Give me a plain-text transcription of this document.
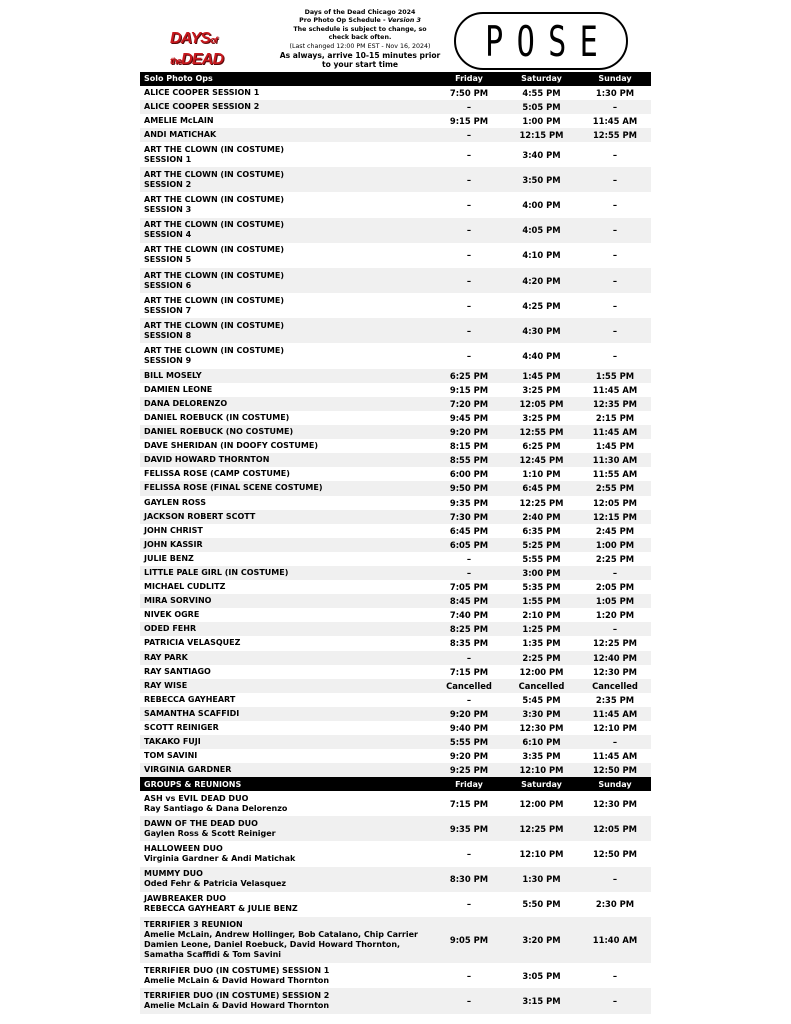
DAYSof theDEAD
Days of the Dead Chicago 2024
Pro Photo Op Schedule - Version 3
The schedule is subject to change, so
check back often.
(Last changed 12:00 PM EST - Nov 16, 2024)
As always, arrive 10-15 minutes prior
to your start time	P O S E
Solo Photo Ops	Friday	Saturday	Sunday
ALICE COOPER SESSION 1	7:50 PM	4:55 PM	1:30 PM
ALICE COOPER SESSION 2	–	5:05 PM	–
AMELIE McLAIN	9:15 PM	1:00 PM	11:45 AM
ANDI MATICHAK	–	12:15 PM	12:55 PM
ART THE CLOWN (IN COSTUME)
SESSION 1	–	3:40 PM	–
ART THE CLOWN (IN COSTUME)
SESSION 2	–	3:50 PM	–
ART THE CLOWN (IN COSTUME)
SESSION 3	–	4:00 PM	–
ART THE CLOWN (IN COSTUME)
SESSION 4	–	4:05 PM	–
ART THE CLOWN (IN COSTUME)
SESSION 5	–	4:10 PM	–
ART THE CLOWN (IN COSTUME)
SESSION 6	–	4:20 PM	–
ART THE CLOWN (IN COSTUME)
SESSION 7	–	4:25 PM	–
ART THE CLOWN (IN COSTUME)
SESSION 8	–	4:30 PM	–
ART THE CLOWN (IN COSTUME)
SESSION 9	–	4:40 PM	–
BILL MOSELY	6:25 PM	1:45 PM	1:55 PM
DAMIEN LEONE	9:15 PM	3:25 PM	11:45 AM
DANA DELORENZO	7:20 PM	12:05 PM	12:35 PM
DANIEL ROEBUCK (IN COSTUME)	9:45 PM	3:25 PM	2:15 PM
DANIEL ROEBUCK (NO COSTUME)	9:20 PM	12:55 PM	11:45 AM
DAVE SHERIDAN (IN DOOFY COSTUME)	8:15 PM	6:25 PM	1:45 PM
DAVID HOWARD THORNTON	8:55 PM	12:45 PM	11:30 AM
FELISSA ROSE (CAMP COSTUME)	6:00 PM	1:10 PM	11:55 AM
FELISSA ROSE (FINAL SCENE COSTUME)	9:50 PM	6:45 PM	2:55 PM
GAYLEN ROSS	9:35 PM	12:25 PM	12:05 PM
JACKSON ROBERT SCOTT	7:30 PM	2:40 PM	12:15 PM
JOHN CHRIST	6:45 PM	6:35 PM	2:45 PM
JOHN KASSIR	6:05 PM	5:25 PM	1:00 PM
JULIE BENZ	–	5:55 PM	2:25 PM
LITTLE PALE GIRL (IN COSTUME)	–	3:00 PM	–
MICHAEL CUDLITZ	7:05 PM	5:35 PM	2:05 PM
MIRA SORVINO	8:45 PM	1:55 PM	1:05 PM
NIVEK OGRE	7:40 PM	2:10 PM	1:20 PM
ODED FEHR	8:25 PM	1:25 PM	–
PATRICIA VELASQUEZ	8:35 PM	1:35 PM	12:25 PM
RAY PARK	–	2:25 PM	12:40 PM
RAY SANTIAGO	7:15 PM	12:00 PM	12:30 PM
RAY WISE	Cancelled	Cancelled	Cancelled
REBECCA GAYHEART	–	5:45 PM	2:35 PM
SAMANTHA SCAFFIDI	9:20 PM	3:30 PM	11:45 AM
SCOTT REINIGER	9:40 PM	12:30 PM	12:10 PM
TAKAKO FUJI	5:55 PM	6:10 PM	–
TOM SAVINI	9:20 PM	3:35 PM	11:45 AM
VIRGINIA GARDNER	9:25 PM	12:10 PM	12:50 PM
GROUPS & REUNIONS	Friday	Saturday	Sunday
ASH vs EVIL DEAD DUO
Ray Santiago & Dana Delorenzo	7:15 PM	12:00 PM	12:30 PM
DAWN OF THE DEAD DUO
Gaylen Ross & Scott Reiniger	9:35 PM	12:25 PM	12:05 PM
HALLOWEEN DUO
Virginia Gardner & Andi Matichak	–	12:10 PM	12:50 PM
MUMMY DUO
Oded Fehr & Patricia Velasquez	8:30 PM	1:30 PM	–
JAWBREAKER DUO
REBECCA GAYHEART & JULIE BENZ	–	5:50 PM	2:30 PM
TERRIFIER 3 REUNION
Amelie McLain, Andrew Hollinger, Bob Catalano, Chip Carrier
Damien Leone, Daniel Roebuck, David Howard Thornton,
Samatha Scaffidi & Tom Savini
9:05 PM	3:20 PM	11:40 AM
TERRIFIER DUO (IN COSTUME) SESSION 1
Amelie McLain & David Howard Thornton	–	3:05 PM	–
TERRIFIER DUO (IN COSTUME) SESSION 2
Amelie McLain & David Howard Thornton	–	3:15 PM	–
